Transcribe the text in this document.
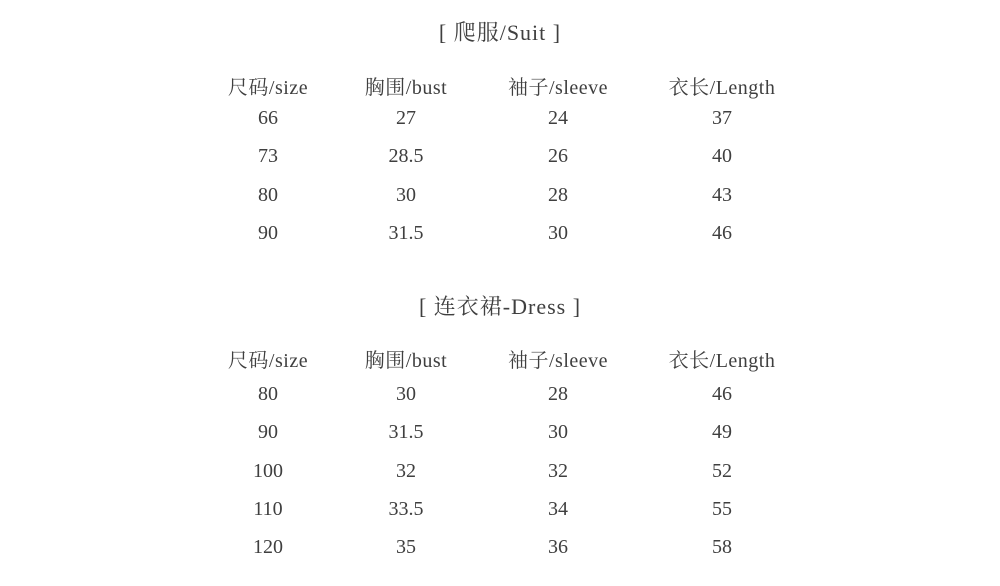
[ 爬服/Suit ]
尺码/size	胸围/bust	袖子/sleeve	衣长/Length
66	27	24	37
73	28.5	26	40
80	30	28	43
90	31.5	30	46
[ 连衣裙-Dress ]
尺码/size	胸围/bust	袖子/sleeve	衣长/Length
80	30	28	46
90	31.5	30	49
100	32	32	52
110	33.5	34	55
120	35	36	58
